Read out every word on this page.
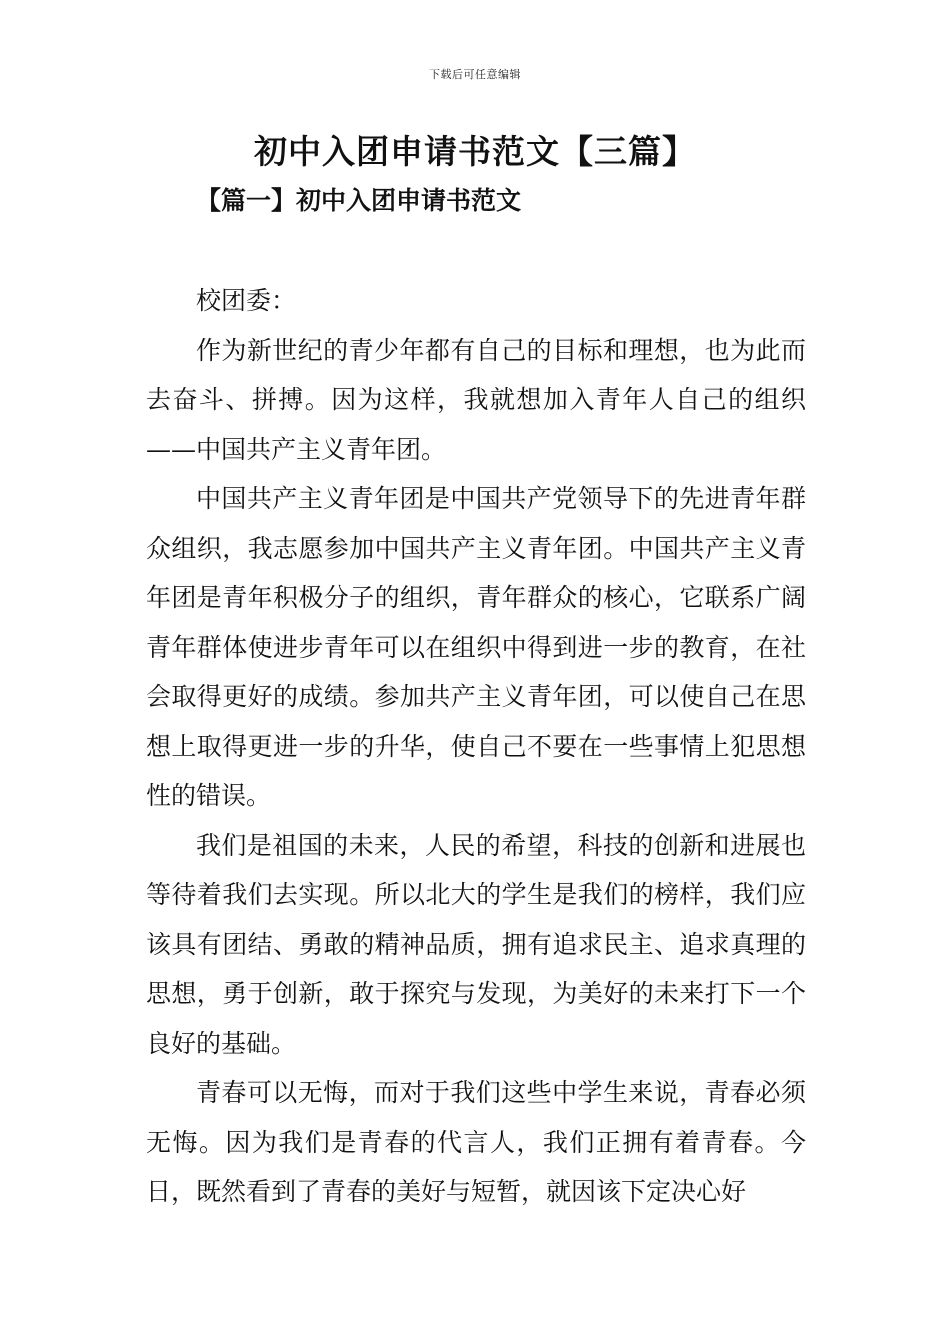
下载后可任意编辑
初中入团申请书范文【三篇】
【篇一】初中入团申请书范文

校团委：

作为新世纪的青少年都有自己的目标和理想，也为此而去奋斗、拼搏。因为这样，我就想加入青年人自己的组织——中国共产主义青年团。

中国共产主义青年团是中国共产党领导下的先进青年群众组织，我志愿参加中国共产主义青年团。中国共产主义青年团是青年积极分子的组织，青年群众的核心，它联系广阔青年群体使进步青年可以在组织中得到进一步的教育，在社会取得更好的成绩。参加共产主义青年团，可以使自己在思想上取得更进一步的升华，使自己不要在一些事情上犯思想性的错误。

我们是祖国的未来，人民的希望，科技的创新和进展也等待着我们去实现。所以北大的学生是我们的榜样，我们应该具有团结、勇敢的精神品质，拥有追求民主、追求真理的思想，勇于创新，敢于探究与发现，为美好的未来打下一个良好的基础。

青春可以无悔，而对于我们这些中学生来说，青春必须无悔。因为我们是青春的代言人，我们正拥有着青春。今日，既然看到了青春的美好与短暂，就因该下定决心好
